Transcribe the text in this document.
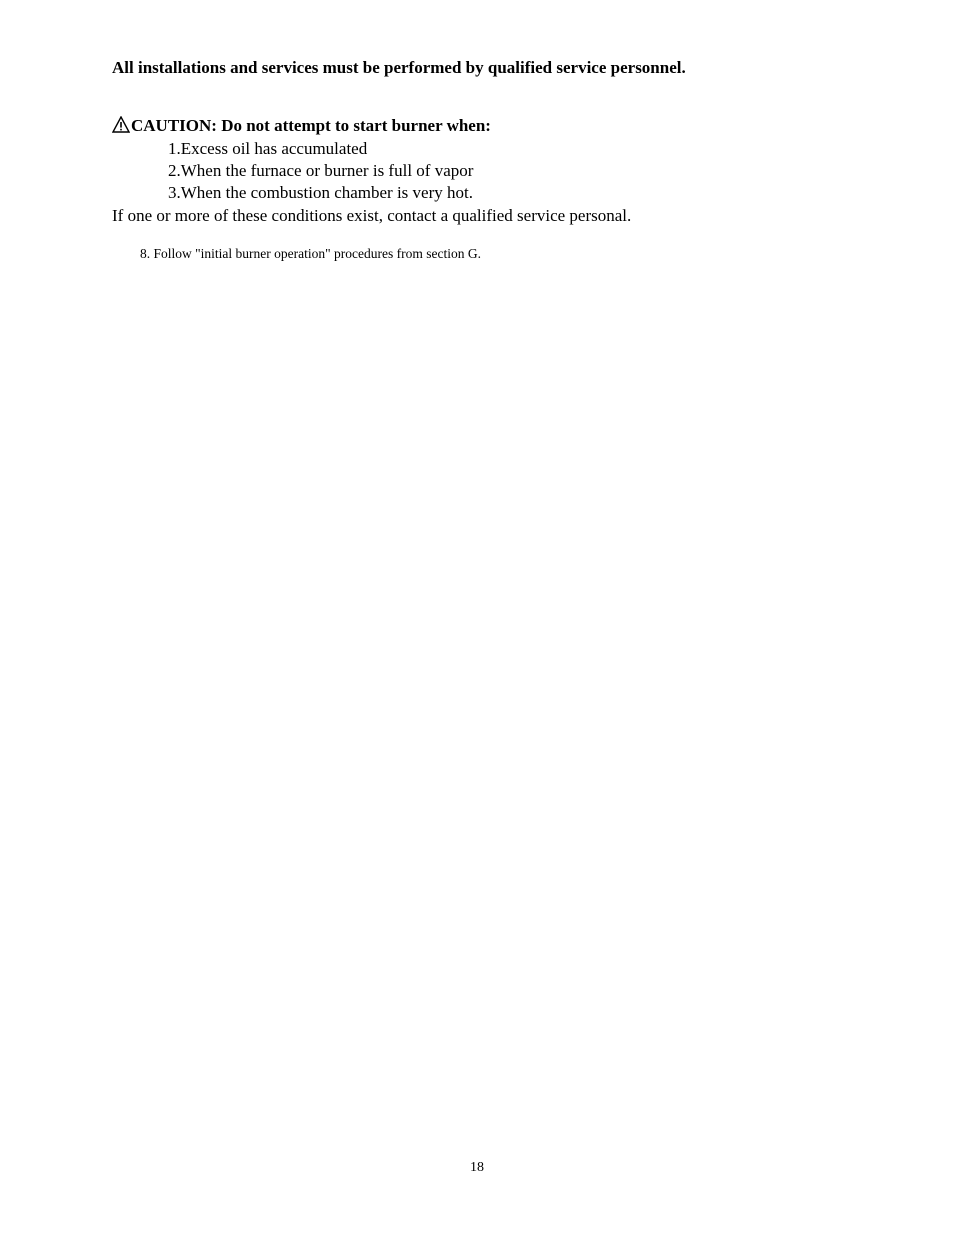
All installations and services must be performed by qualified service personnel.
CAUTION: Do not attempt to start burner when:
1.Excess oil has accumulated
2.When the furnace or burner is full of vapor
3.When the combustion chamber is very hot.
If one or more of these conditions exist, contact a qualified service personal.
8. Follow "initial burner operation" procedures from section G.
18
